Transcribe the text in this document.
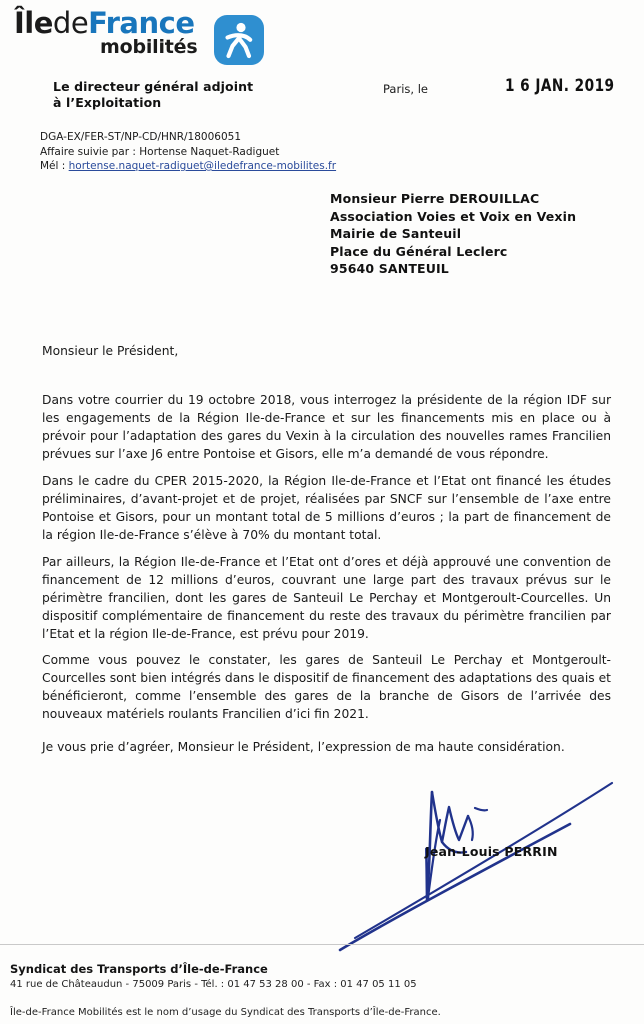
ÎledeFrance
mobilités
Le directeur général adjoint
à l’Exploitation
Paris, le	1 6 JAN. 2019
DGA-EX/FER-ST/NP-CD/HNR/18006051
Affaire suivie par : Hortense Naquet-Radiguet
Mél : hortense.naquet-radiguet@iledefrance-mobilites.fr
Monsieur Pierre DEROUILLAC
Association Voies et Voix en Vexin
Mairie de Santeuil
Place du Général Leclerc
95640 SANTEUIL
Monsieur le Président,
Dans votre courrier du 19 octobre 2018, vous interrogez la présidente de la région IDF sur les engagements de la Région Ile-de-France et sur les financements mis en place ou à prévoir pour l’adaptation des gares du Vexin à la circulation des nouvelles rames Francilien prévues sur l’axe J6 entre Pontoise et Gisors, elle m’a demandé de vous répondre.
Dans le cadre du CPER 2015-2020, la Région Ile-de-France et l’Etat ont financé les études préliminaires, d’avant-projet et de projet, réalisées par SNCF sur l’ensemble de l’axe entre Pontoise et Gisors, pour un montant total de 5 millions d’euros ; la part de financement de la région Ile-de-France s’élève à 70% du montant total.
Par ailleurs, la Région Ile-de-France et l’Etat ont d’ores et déjà approuvé une convention de financement de 12 millions d’euros, couvrant une large part des travaux prévus sur le périmètre francilien, dont les gares de Santeuil Le Perchay et Montgeroult-Courcelles. Un dispositif complémentaire de financement du reste des travaux du périmètre francilien par l’Etat et la région Ile-de-France, est prévu pour 2019.
Comme vous pouvez le constater, les gares de Santeuil Le Perchay et Montgeroult-Courcelles sont bien intégrés dans le dispositif de financement des adaptations des quais et bénéficieront, comme l’ensemble des gares de la branche de Gisors de l’arrivée des nouveaux matériels roulants Francilien d’ici fin 2021.
Je vous prie d’agréer, Monsieur le Président, l’expression de ma haute considération.
Jean-Louis PERRIN
Syndicat des Transports d’Île-de-France
41 rue de Châteaudun - 75009 Paris - Tél. : 01 47 53 28 00 - Fax : 01 47 05 11 05
Île-de-France Mobilités est le nom d’usage du Syndicat des Transports d’Île-de-France.
